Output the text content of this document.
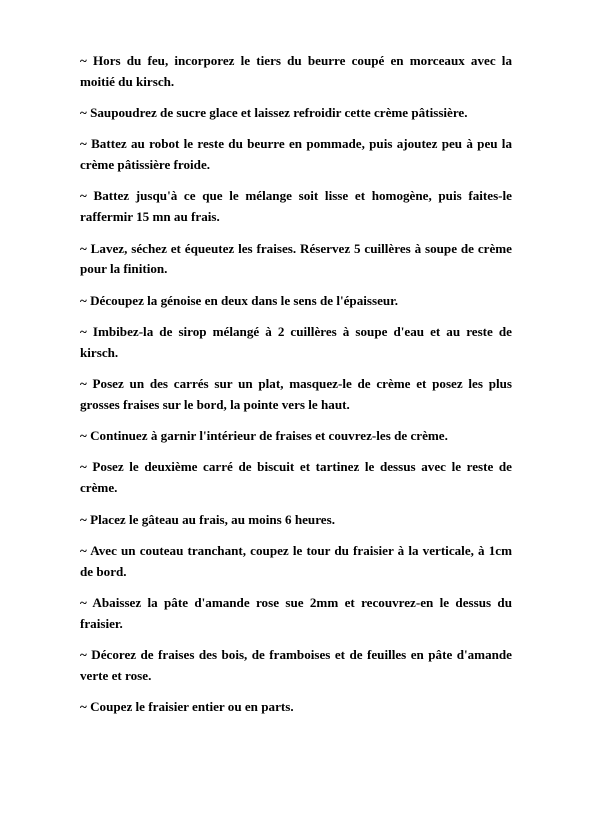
~ Hors du feu, incorporez le tiers du beurre coupé en morceaux avec la moitié du kirsch.

~ Saupoudrez de sucre glace et laissez refroidir cette crème pâtissière.

~ Battez au robot le reste du beurre en pommade, puis ajoutez peu à peu la crème pâtissière froide.

~ Battez jusqu'à ce que le mélange soit lisse et homogène, puis faites-le raffermir 15 mn au frais.

~ Lavez, séchez et équeutez les fraises. Réservez 5 cuillères à soupe de crème pour la finition.

~ Découpez la génoise en deux dans le sens de l'épaisseur.

~ Imbibez-la de sirop mélangé à 2 cuillères à soupe d'eau et au reste de kirsch.

~ Posez un des carrés sur un plat, masquez-le de crème et posez les plus grosses fraises sur le bord, la pointe vers le haut.

~ Continuez à garnir l'intérieur de fraises et couvrez-les de crème.

~ Posez le deuxième carré de biscuit et tartinez le dessus avec le reste de crème.

~ Placez le gâteau au frais, au moins 6 heures.

~ Avec un couteau tranchant, coupez le tour du fraisier à la verticale, à 1cm de bord.

~ Abaissez la pâte d'amande rose sue 2mm et recouvrez-en le dessus du fraisier.

~ Décorez de fraises des bois, de framboises et de feuilles en pâte d'amande verte et rose.

~ Coupez le fraisier entier ou en parts.
